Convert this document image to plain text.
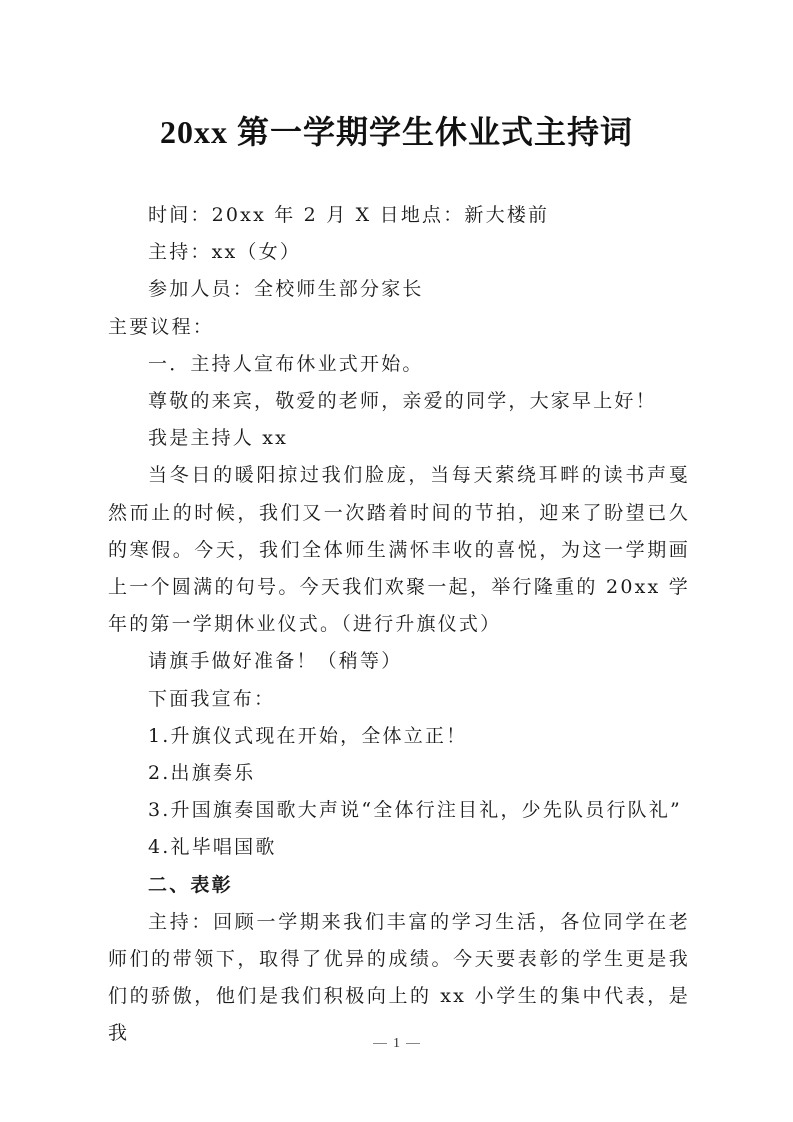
20xx 第一学期学生休业式主持词

时间：20xx 年 2 月 X 日地点：新大楼前

主持：xx（女）

参加人员：全校师生部分家长

主要议程：

一．主持人宣布休业式开始。

尊敬的来宾，敬爱的老师，亲爱的同学，大家早上好！

我是主持人 xx

当冬日的暖阳掠过我们脸庞，当每天萦绕耳畔的读书声戛然而止的时候，我们又一次踏着时间的节拍，迎来了盼望已久的寒假。今天，我们全体师生满怀丰收的喜悦，为这一学期画上一个圆满的句号。今天我们欢聚一起，举行隆重的 20xx 学年的第一学期休业仪式。（进行升旗仪式）

请旗手做好准备！（稍等）

下面我宣布：

1.升旗仪式现在开始，全体立正！

2.出旗奏乐

3.升国旗奏国歌大声说“全体行注目礼，少先队员行队礼”

4.礼毕唱国歌

二、表彰

主持：回顾一学期来我们丰富的学习生活，各位同学在老师们的带领下，取得了优异的成绩。今天要表彰的学生更是我们的骄傲，他们是我们积极向上的 xx 小学生的集中代表，是我	1
